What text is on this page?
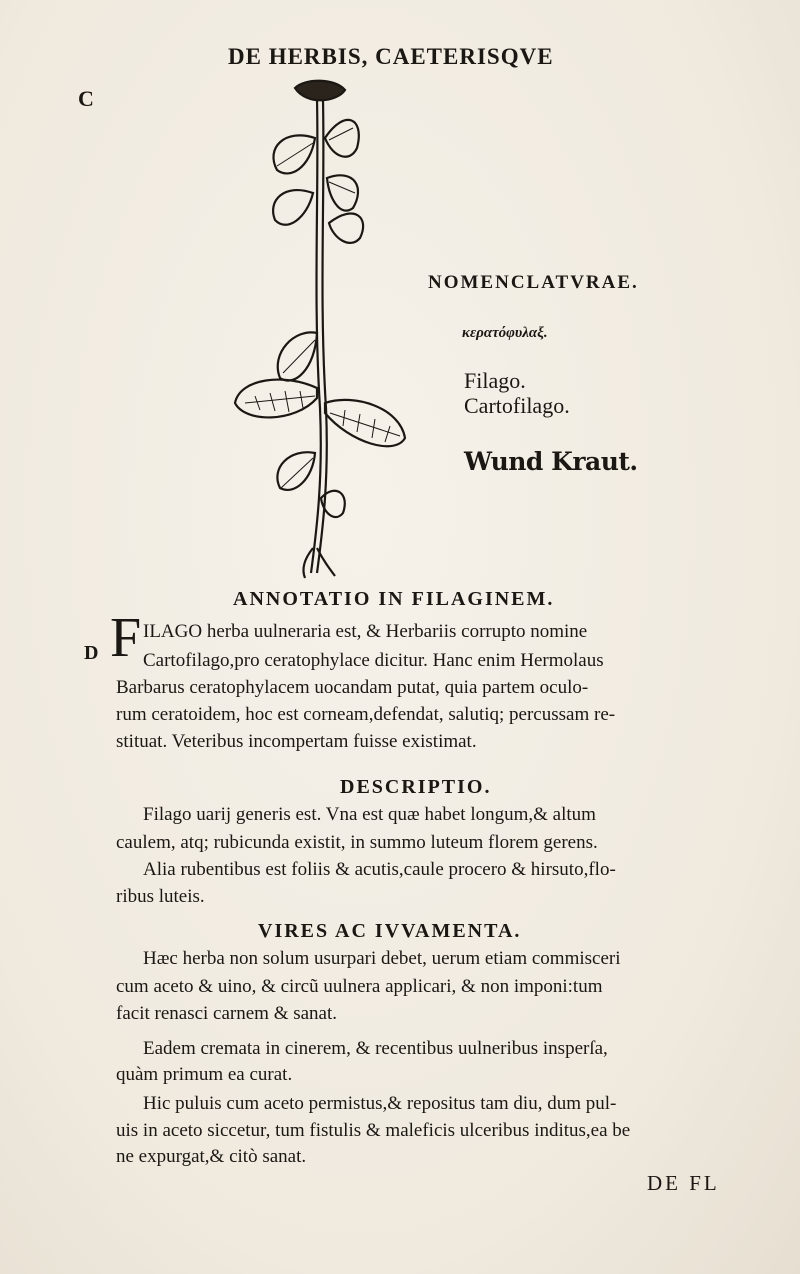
DE HERBIS, CAETERISQVE
C
D
NOMENCLATVRAE.
κερατόφυλαξ.
Filago.
Cartofilago.
Wund Kraut.
ANNOTATIO IN FILAGINEM.
F ILAGO herba uulneraria est, & Herbariis corrupto nomine
Cartofilago,pro ceratophylace dicitur. Hanc enim Hermolaus
Barbarus ceratophylacem uocandam putat, quia partem oculo-
rum ceratoidem, hoc est corneam,defendat, salutiq; percussam re-
stituat. Veteribus incompertam fuisse existimat.
DESCRIPTIO.
Filago uarij generis est. Vna est quæ habet longum,& altum
caulem, atq; rubicunda existit, in summo luteum florem gerens.
Alia rubentibus est foliis & acutis,caule procero & hirsuto,flo-
ribus luteis.
VIRES AC IVVAMENTA.
Hæc herba non solum usurpari debet, uerum etiam commisceri
cum aceto & uino, & circũ uulnera applicari, & non imponi:tum
facit renasci carnem & sanat.
Eadem cremata in cinerem, & recentibus uulneribus insperſa,
quàm primum ea curat.
Hic puluis cum aceto permistus,& repositus tam diu, dum pul-
uis in aceto siccetur, tum fistulis & maleficis ulceribus inditus,ea be
ne expurgat,& citò sanat.
DE FL
